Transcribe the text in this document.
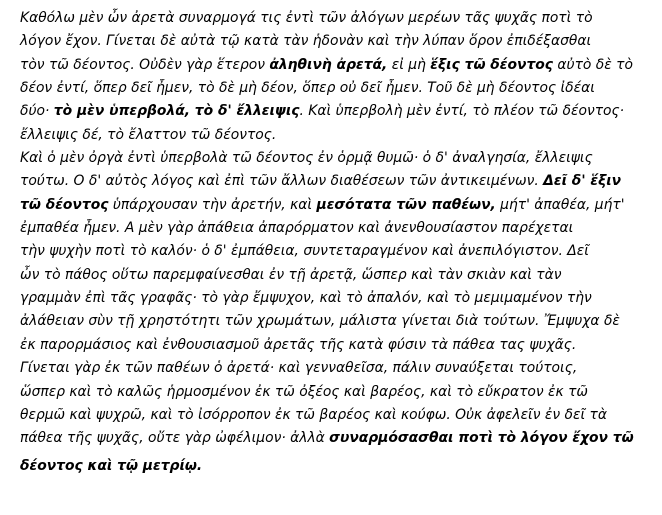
Καθόλω μὲν ὦν ἀρετὰ συναρμογά τις ἐντὶ τῶν ἀλόγων μερέων τᾶς ψυχᾶς ποτὶ τὸ
λόγον ἔχον. Γίνεται δὲ αὐτὰ τῷ κατὰ τὰν ἡδονὰν καὶ τὴν λύπαν ὅρον ἐπιδέξασθαι
τὸν τῶ δέοντος. Οὐδὲν γὰρ ἕτερον ἀληθινὴ ἀρετά, εἰ μὴ ἕξις τῶ δέοντος αὐτὸ δὲ τὸ
δέον ἐντί, ὅπερ δεῖ ἦμεν, τὸ δὲ μὴ δέον, ὅπερ οὐ δεῖ ἦμεν. Τοῦ δὲ μὴ δέοντος ἰδέαι
δύο· τὸ μὲν ὑπερβολά, τὸ δ' ἔλλειψις. Καὶ ὑπερβολὴ μὲν ἐντί, τὸ πλέον τῶ δέοντος·
ἔλλειψις δέ, τὸ ἔλαττον τῶ δέοντος.
Καὶ ὁ μὲν ὀργὰ ἐντὶ ὑπερβολὰ τῶ δέοντος ἐν ὁρμᾷ θυμῶ· ὁ δ' ἀναλγησία, ἔλλειψις
τούτω. Ο δ' αὐτὸς λόγος καὶ ἐπὶ τῶν ἄλλων διαθέσεων τῶν ἀντικειμένων. Δεῖ δ' ἕξιν
τῶ δέοντος ὑπάρχουσαν τὴν ἀρετήν, καὶ μεσότατα τῶν παθέων, μήτ' ἀπαθέα, μήτ'
ἐμπαθέα ἦμεν. Α μὲν γὰρ ἀπάθεια ἀπαρόρματον καὶ ἀνενθουσίαστον παρέχεται
τὴν ψυχὴν ποτὶ τὸ καλόν· ὁ δ' ἐμπάθεια, συντεταραγμένον καὶ ἀνεπιλόγιστον. Δεῖ
ὦν τὸ πάθος οὕτω παρεμφαίνεσθαι ἐν τῇ ἀρετᾷ, ὥσπερ καὶ τὰν σκιὰν καὶ τὰν
γραμμὰν ἐπὶ τᾶς γραφᾶς· τὸ γὰρ ἔμψυχον, καὶ τὸ ἀπαλόν, καὶ τὸ μεμιμαμένον τὴν
ἀλάθειαν σὺν τῇ χρηστότητι τῶν χρωμάτων, μάλιστα γίνεται διὰ τούτων. Ἔμψυχα δὲ
ἐκ παρορμάσιος καὶ ἐνθουσιασμοῦ ἀρετᾶς τῆς κατὰ φύσιν τὰ πάθεα τας ψυχᾶς.
Γίνεται γὰρ ἐκ τῶν παθέων ὁ ἀρετά· καὶ γενναθεῖσα, πάλιν συναύξεται τούτοις,
ὥσπερ καὶ τὸ καλῶς ἡρμοσμένον ἐκ τῶ ὀξέος καὶ βαρέος, καὶ τὸ εὔκρατον ἐκ τῶ
θερμῶ καὶ ψυχρῶ, καὶ τὸ ἰσόρροπον ἐκ τῶ βαρέος καὶ κούφω. Οὐκ ἀφελεῖν ἐν δεῖ τὰ
πάθεα τῆς ψυχᾶς, οὔτε γὰρ ὠφέλιμον· ἀλλὰ συναρμόσασθαι ποτὶ τὸ λόγον ἔχον τῶ
δέοντος καὶ τῷ μετρίῳ.
